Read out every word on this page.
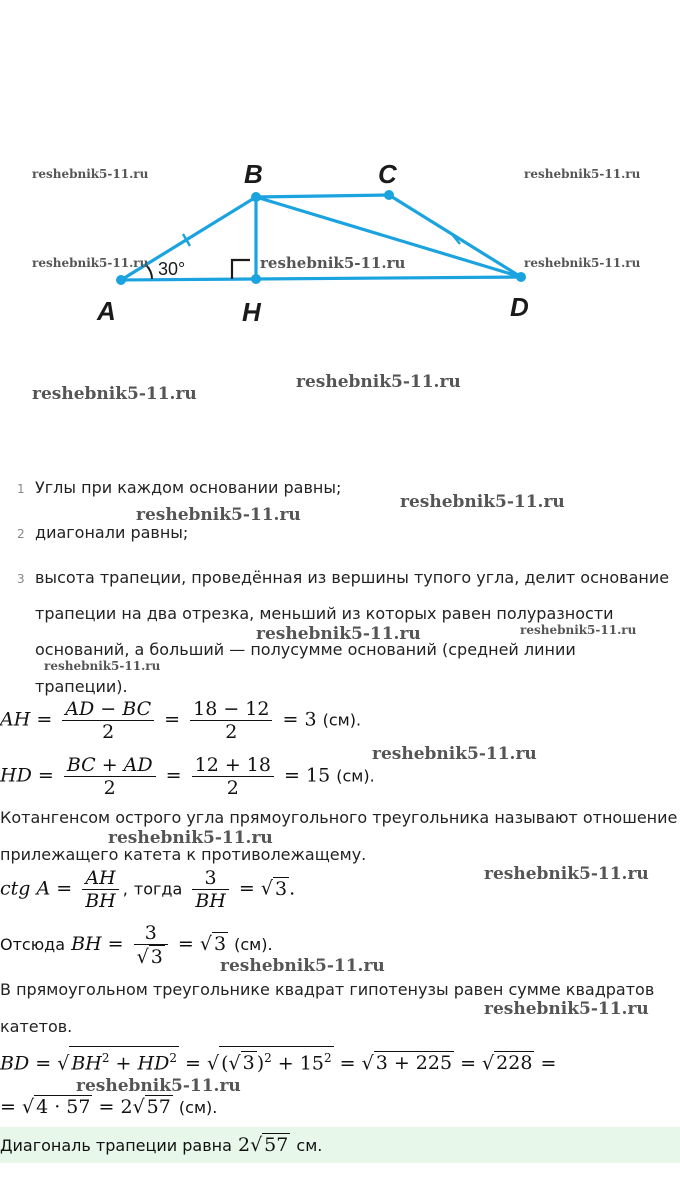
B	C
A	H	D
30°
reshebnik5-11.ru	reshebnik5-11.ru
reshebnik5-11.ru	reshebnik5-11.ru
reshebnik5-11.ru
reshebnik5-11.ru
reshebnik5-11.ru
reshebnik5-11.ru
reshebnik5-11.ru
reshebnik5-11.ru	reshebnik5-11.ru
reshebnik5-11.ru
reshebnik5-11.ru
reshebnik5-11.ru
reshebnik5-11.ru
reshebnik5-11.ru
reshebnik5-11.ru
reshebnik5-11.ru
1 Углы при каждом основании равны;
2 диагонали равны;
3 высота трапеции, проведённая из вершины тупого угла, делит основание
трапеции на два отрезка, меньший из которых равен полуразности
оснований, а больший — полусумме оснований (средней линии
трапеции).
AH = $\frac{AD - BC}{2} = \frac{18 - 12}{2} = 3$ (см).
HD = $\frac{BC + AD}{2} = \frac{12 + 18}{2} = 15$ (см).
Котангенсом острого угла прямоугольного треугольника называют отношение
прилежащего катета к противолежащему.
ctg $A = \frac{AH}{BH}$ , тогда $\frac{3}{BH}$ = √ 3 .
Отсюда BH = $\frac{3}{√ 3}$ = √ 3 (см).
В прямоугольном треугольнике квадрат гипотенузы равен сумме квадратов
катетов.
BD = √ $BH^2 + HD^2$ = √ (√ 3 )$^2 + 15^2$ = √ 3 + 225 = √ 228 =
= √ 4 · 57 = 2√ 57 (см).
Диагональ трапеции равна 2√ 57 см.
